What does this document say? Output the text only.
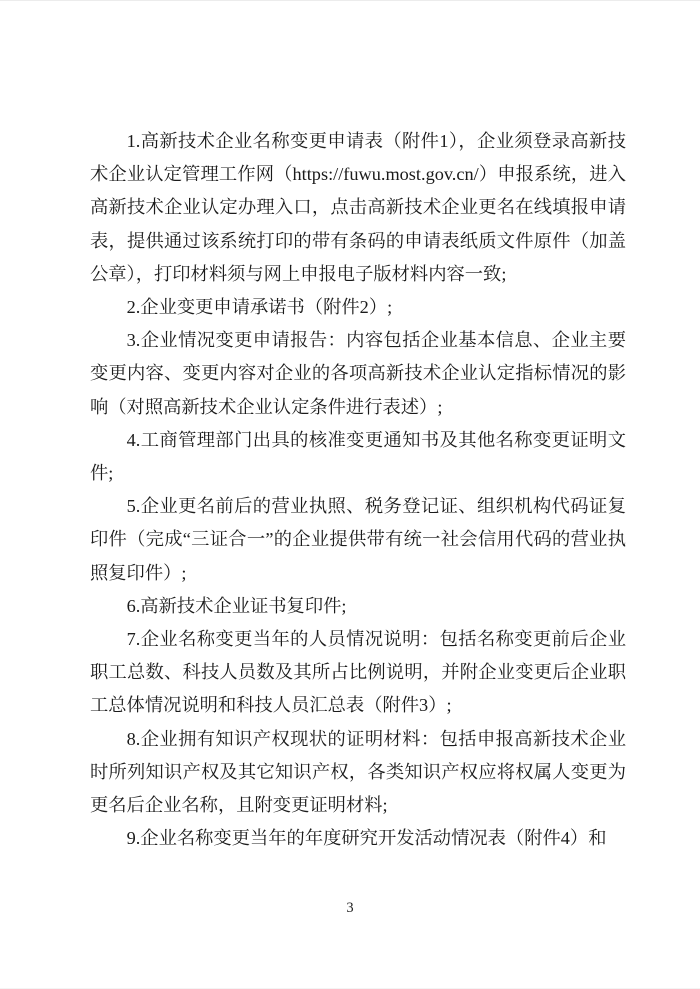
1.高新技术企业名称变更申请表（附件1），企业须登录高新技术企业认定管理工作网（https://fuwu.most.gov.cn/）申报系统，进入高新技术企业认定办理入口，点击高新技术企业更名在线填报申请表，提供通过该系统打印的带有条码的申请表纸质文件原件（加盖公章），打印材料须与网上申报电子版材料内容一致;

2.企业变更申请承诺书（附件2）;

3.企业情况变更申请报告：内容包括企业基本信息、企业主要变更内容、变更内容对企业的各项高新技术企业认定指标情况的影响（对照高新技术企业认定条件进行表述）;

4.工商管理部门出具的核准变更通知书及其他名称变更证明文件;

5.企业更名前后的营业执照、税务登记证、组织机构代码证复印件（完成“三证合一”的企业提供带有统一社会信用代码的营业执照复印件）;

6.高新技术企业证书复印件;

7.企业名称变更当年的人员情况说明：包括名称变更前后企业职工总数、科技人员数及其所占比例说明，并附企业变更后企业职工总体情况说明和科技人员汇总表（附件3）;

8.企业拥有知识产权现状的证明材料：包括申报高新技术企业时所列知识产权及其它知识产权，各类知识产权应将权属人变更为更名后企业名称，且附变更证明材料;

9.企业名称变更当年的年度研究开发活动情况表（附件4）和

3
